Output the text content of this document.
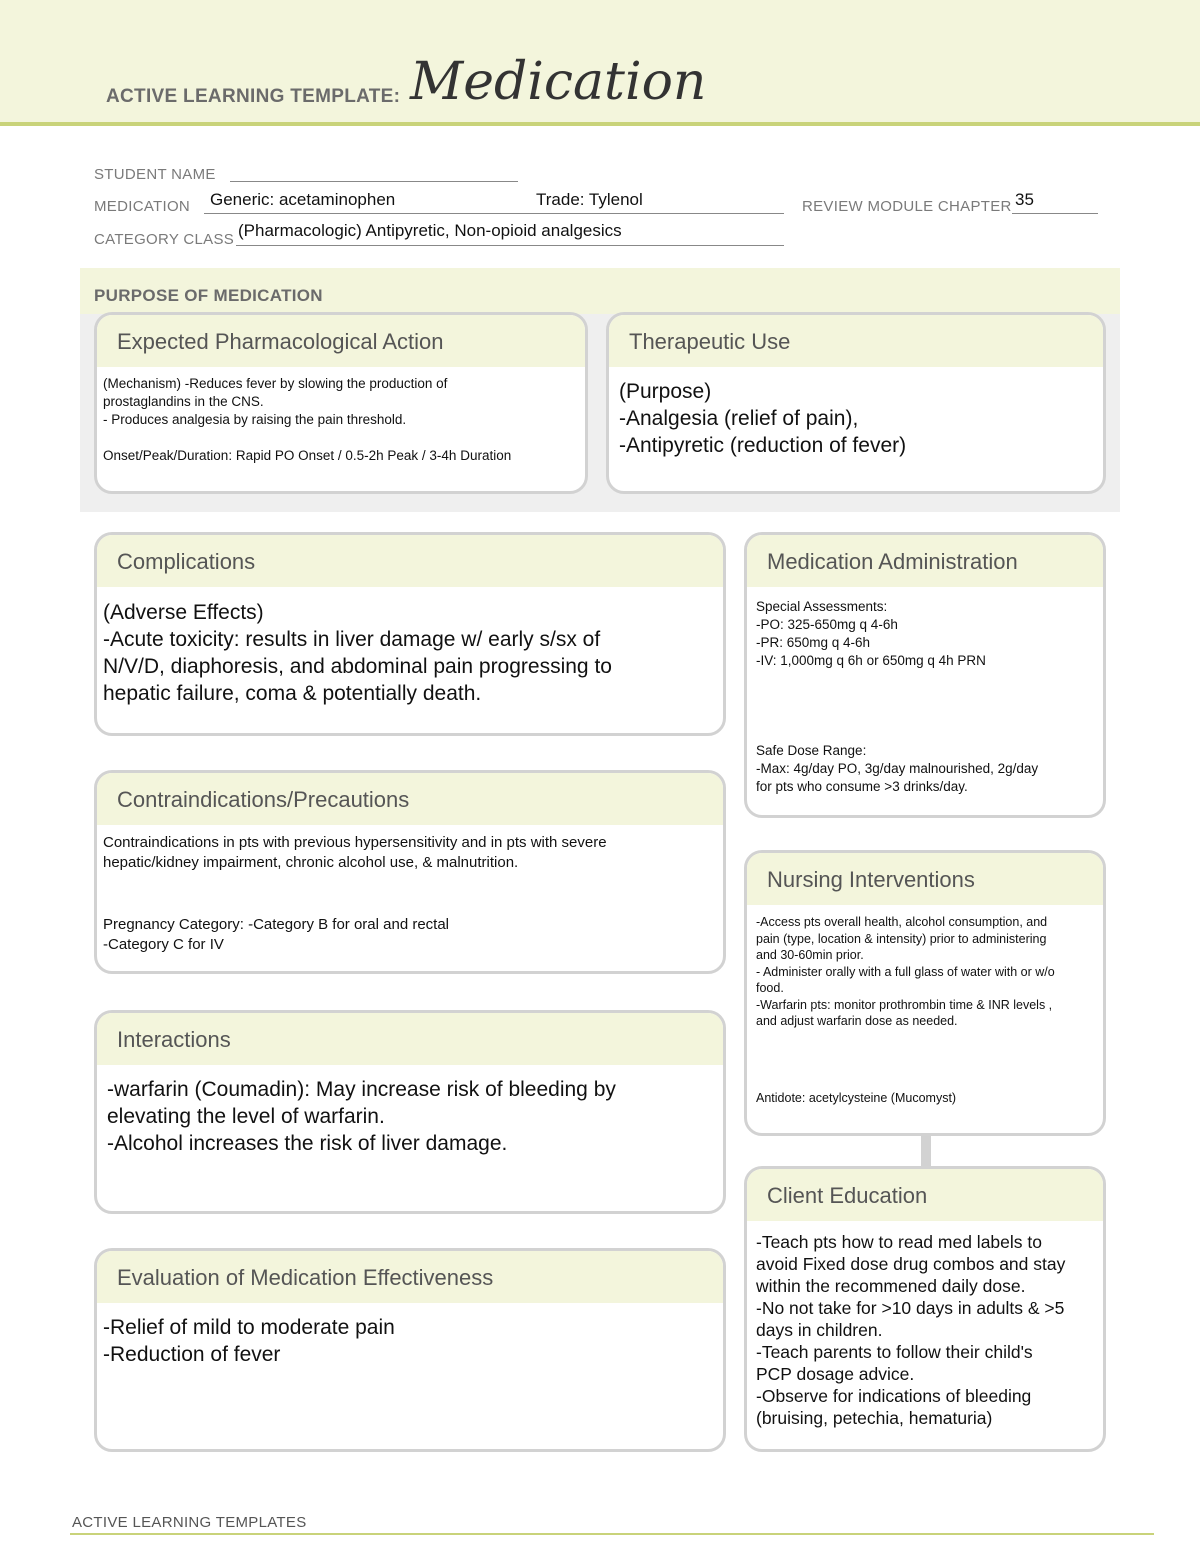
ACTIVE LEARNING TEMPLATE: Medication
STUDENT NAME
MEDICATION Generic: acetaminophen	Trade: Tylenol	REVIEW MODULE CHAPTER 35
CATEGORY CLASS (Pharmacologic) Antipyretic, Non-opioid analgesics
PURPOSE OF MEDICATION
Expected Pharmacological Action
(Mechanism) -Reduces fever by slowing the production of
prostaglandins in the CNS.
- Produces analgesia by raising the pain threshold.
Onset/Peak/Duration: Rapid PO Onset / 0.5-2h Peak / 3-4h Duration
Therapeutic Use
(Purpose)
-Analgesia (relief of pain),
-Antipyretic (reduction of fever)
Complications
(Adverse Effects)
-Acute toxicity: results in liver damage w/ early s/sx of
N/V/D, diaphoresis, and abdominal pain progressing to
hepatic failure, coma & potentially death.
Contraindications/Precautions
Contraindications in pts with previous hypersensitivity and in pts with severe
hepatic/kidney impairment, chronic alcohol use, & malnutrition.
Pregnancy Category: -Category B for oral and rectal
-Category C for IV
Interactions
-warfarin (Coumadin): May increase risk of bleeding by
elevating the level of warfarin.
-Alcohol increases the risk of liver damage.
Evaluation of Medication Effectiveness
-Relief of mild to moderate pain
-Reduction of fever
Medication Administration
Special Assessments:
-PO: 325-650mg q 4-6h
-PR: 650mg q 4-6h
-IV: 1,000mg q 6h or 650mg q 4h PRN
Safe Dose Range:
-Max: 4g/day PO, 3g/day malnourished, 2g/day
for pts who consume >3 drinks/day.
Nursing Interventions
-Access pts overall health, alcohol consumption, and
pain (type, location & intensity) prior to administering
and 30-60min prior.
- Administer orally with a full glass of water with or w/o
food.
-Warfarin pts: monitor prothrombin time & INR levels ,
and adjust warfarin dose as needed.
Antidote: acetylcysteine (Mucomyst)
Client Education
-Teach pts how to read med labels to
avoid Fixed dose drug combos and stay
within the recommened daily dose.
-No not take for >10 days in adults & >5
days in children.
-Teach parents to follow their child's
PCP dosage advice.
-Observe for indications of bleeding
(bruising, petechia, hematuria)
ACTIVE LEARNING TEMPLATES
